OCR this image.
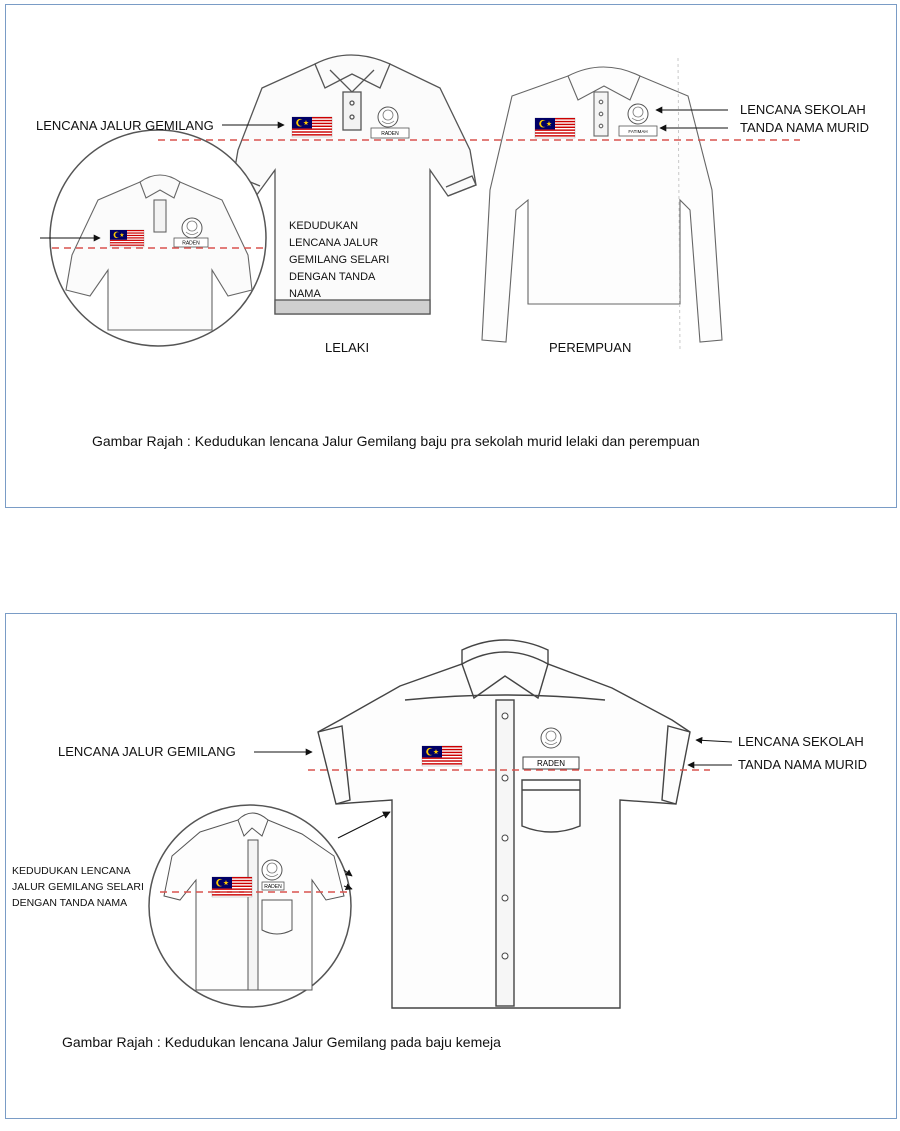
RADEN
RADEN
FATIMAH
RADEN
RADEN
LENCANA JALUR GEMILANG
LENCANA SEKOLAH
TANDA NAMA MURID
KEDUDUKAN
LENCANA JALUR
GEMILANG SELARI
DENGAN TANDA
NAMA
LELAKI	PEREMPUAN
Gambar Rajah : Kedudukan lencana Jalur Gemilang baju pra sekolah murid lelaki dan perempuan
LENCANA JALUR GEMILANG
LENCANA SEKOLAH
TANDA NAMA MURID
KEDUDUKAN LENCANA
JALUR GEMILANG SELARI
DENGAN TANDA NAMA
Gambar Rajah : Kedudukan lencana Jalur Gemilang pada baju kemeja
